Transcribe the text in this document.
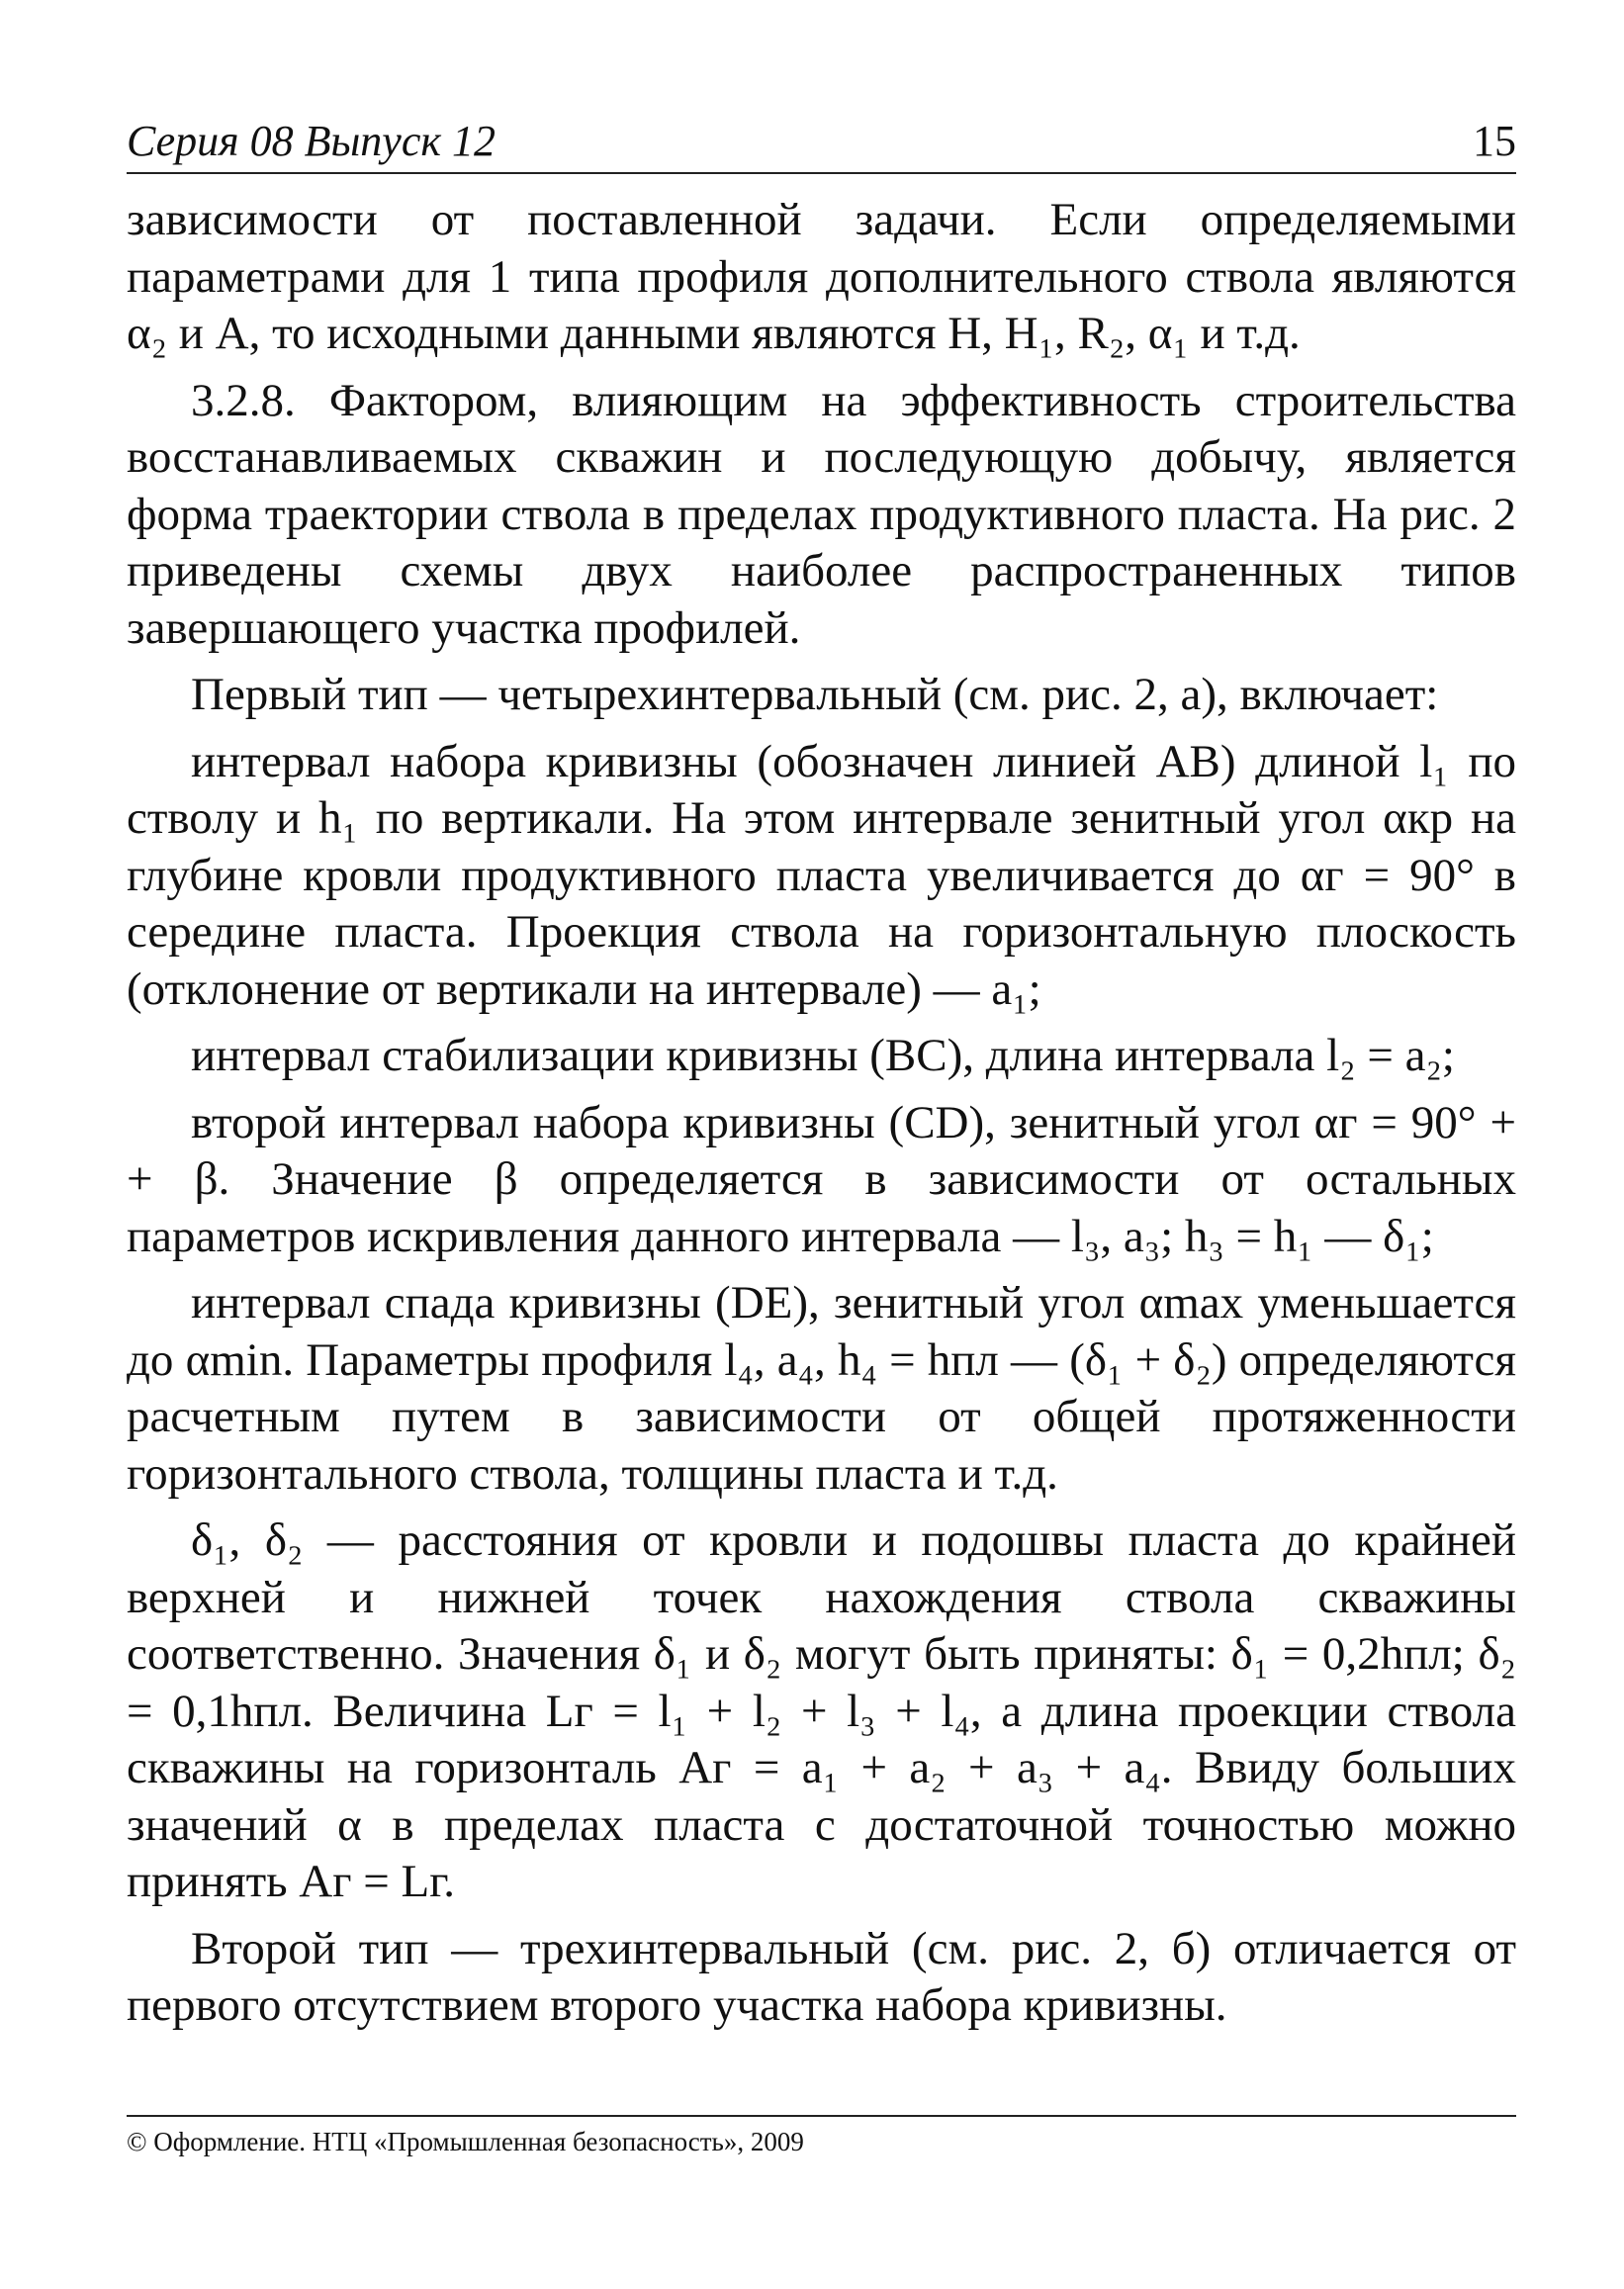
Серия 08 Выпуск 12	15

зависимости от поставленной задачи. Если определяемыми параметрами для 1 типа профиля дополнительного ствола являются α₂ и A, то исходными данными являются H, H₁, R₂, α₁ и т.д.

3.2.8. Фактором, влияющим на эффективность строительства восстанавливаемых скважин и последующую добычу, является форма траектории ствола в пределах продуктивного пласта. На рис. 2 приведены схемы двух наиболее распространенных типов завершающего участка профилей.

Первый тип — четырехинтервальный (см. рис. 2, а), включает:

интервал набора кривизны (обозначен линией AB) длиной l₁ по стволу и h₁ по вертикали. На этом интервале зенитный угол αкр на глубине кровли продуктивного пласта увеличивается до αг = 90° в середине пласта. Проекция ствола на горизонтальную плоскость (отклонение от вертикали на интервале) — a₁;

интервал стабилизации кривизны (BC), длина интервала l₂ = a₂;

второй интервал набора кривизны (CD), зенитный угол αг = 90° + + β. Значение β определяется в зависимости от остальных параметров искривления данного интервала — l₃, a₃; h₃ = h₁ — δ₁;

интервал спада кривизны (DE), зенитный угол αmax уменьшается до αmin. Параметры профиля l₄, a₄, h₄ = hпл — (δ₁ + δ₂) определяются расчетным путем в зависимости от общей протяженности горизонтального ствола, толщины пласта и т.д.

δ₁, δ₂ — расстояния от кровли и подошвы пласта до крайней верхней и нижней точек нахождения ствола скважины соответственно. Значения δ₁ и δ₂ могут быть приняты: δ₁ = 0,2hпл; δ₂ = 0,1hпл. Величина Lг = l₁ + l₂ + l₃ + l₄, а длина проекции ствола скважины на горизонталь Aг = a₁ + a₂ + a₃ + a₄. Ввиду больших значений α в пределах пласта с достаточной точностью можно принять Aг = Lг.

Второй тип — трехинтервальный (см. рис. 2, б) отличается от первого отсутствием второго участка набора кривизны.

© Оформление. НТЦ «Промышленная безопасность», 2009
